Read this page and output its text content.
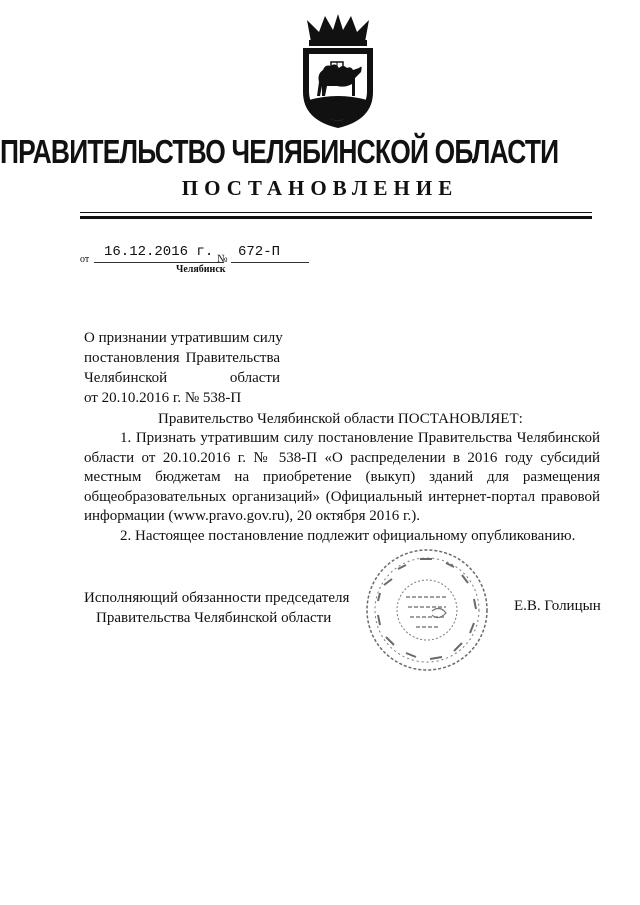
ПРАВИТЕЛЬСТВО ЧЕЛЯБИНСКОЙ ОБЛАСТИ
ПОСТАНОВЛЕНИЕ
от 16.12.2016 г. № 672-П
Челябинск
О признании утратившим силу
постановления Правительства
Челябинской	области
от 20.10.2016 г. № 538-П
Правительство Челябинской области ПОСТАНОВЛЯЕТ:
1. Признать утратившим силу постановление Правительства Челябинской
области от 20.10.2016 г. № 538-П «О распределении в 2016 году субсидий
местным бюджетам на приобретение (выкуп) зданий для размещения
общеобразовательных организаций» (Официальный интернет-портал правовой
информации (www.pravo.gov.ru), 20 октября 2016 г.).
2. Настоящее постановление подлежит официальному опубликованию.
Исполняющий обязанности председателя
Правительства Челябинской области
Е.В. Голицын
